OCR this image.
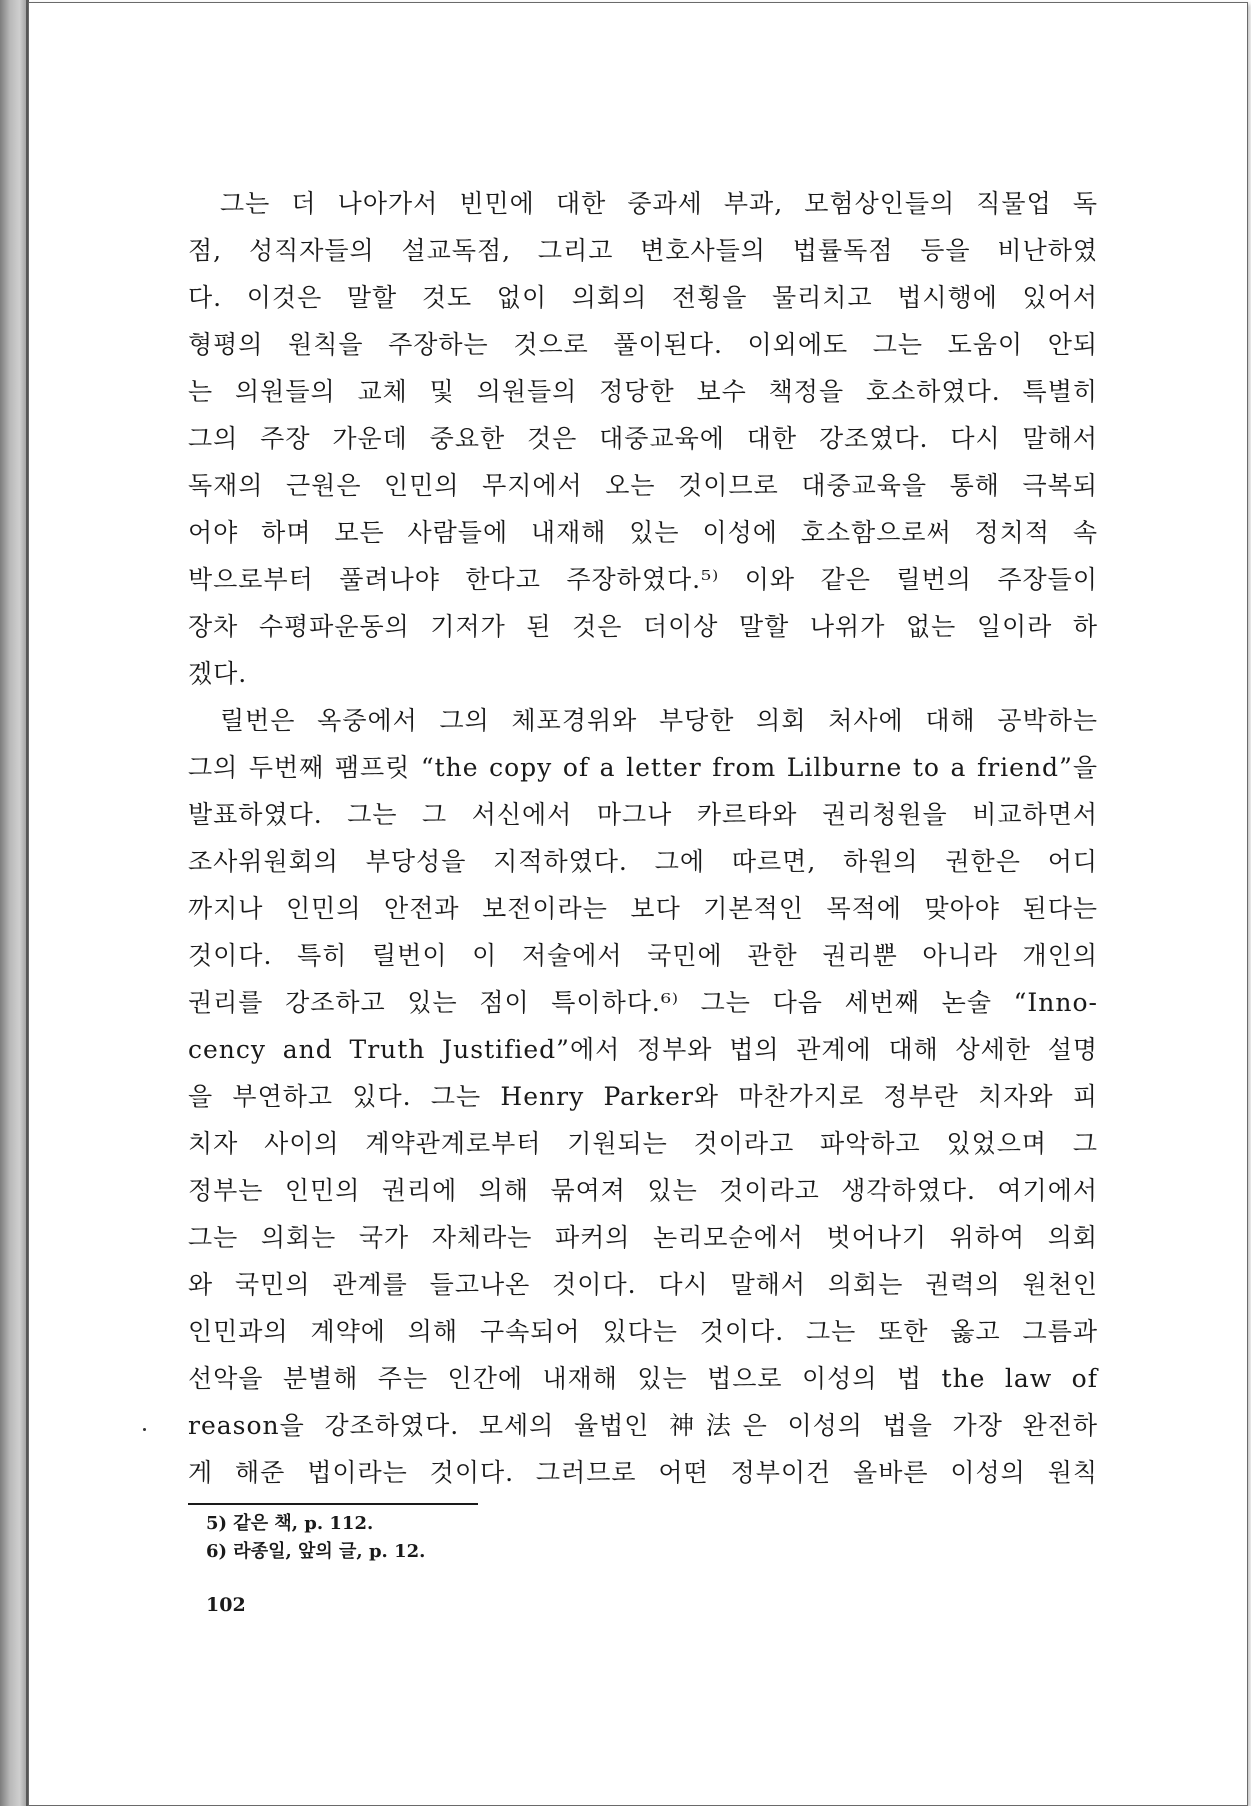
그는 더 나아가서 빈민에 대한 중과세 부과, 모험상인들의 직물업 독
점, 성직자들의 설교독점, 그리고 변호사들의 법률독점 등을 비난하였
다. 이것은 말할 것도 없이 의회의 전횡을 물리치고 법시행에 있어서
형평의 원칙을 주장하는 것으로 풀이된다. 이외에도 그는 도움이 안되
는 의원들의 교체 및 의원들의 정당한 보수 책정을 호소하였다. 특별히
그의 주장 가운데 중요한 것은 대중교육에 대한 강조였다. 다시 말해서
독재의 근원은 인민의 무지에서 오는 것이므로 대중교육을 통해 극복되
어야 하며 모든 사람들에 내재해 있는 이성에 호소함으로써 정치적 속
박으로부터 풀려나야 한다고 주장하였다.⁵⁾ 이와 같은 릴번의 주장들이
장차 수평파운동의 기저가 된 것은 더이상 말할 나위가 없는 일이라 하
겠다.
릴번은 옥중에서 그의 체포경위와 부당한 의회 처사에 대해 공박하는
그의 두번째 팸프릿 “the copy of a letter from Lilburne to a friend”을
발표하였다. 그는 그 서신에서 마그나 카르타와 권리청원을 비교하면서
조사위원회의 부당성을 지적하였다. 그에 따르면, 하원의 권한은 어디
까지나 인민의 안전과 보전이라는 보다 기본적인 목적에 맞아야 된다는
것이다. 특히 릴번이 이 저술에서 국민에 관한 권리뿐 아니라 개인의
권리를 강조하고 있는 점이 특이하다.⁶⁾ 그는 다음 세번째 논술 “Inno-
cency and Truth Justified”에서 정부와 법의 관계에 대해 상세한 설명
을 부연하고 있다. 그는 Henry Parker와 마찬가지로 정부란 치자와 피
치자 사이의 계약관계로부터 기원되는 것이라고 파악하고 있었으며 그
정부는 인민의 권리에 의해 묶여져 있는 것이라고 생각하였다. 여기에서
그는 의회는 국가 자체라는 파커의 논리모순에서 벗어나기 위하여 의회
와 국민의 관계를 들고나온 것이다. 다시 말해서 의회는 권력의 원천인
인민과의 계약에 의해 구속되어 있다는 것이다. 그는 또한 옳고 그름과
선악을 분별해 주는 인간에 내재해 있는 법으로 이성의 법 the law of
reason을 강조하였다. 모세의 율법인 神法은 이성의 법을 가장 완전하
게 해준 법이라는 것이다. 그러므로 어떤 정부이건 올바른 이성의 원칙
5) 같은 책, p. 112.
6) 라종일, 앞의 글, p. 12.
102
